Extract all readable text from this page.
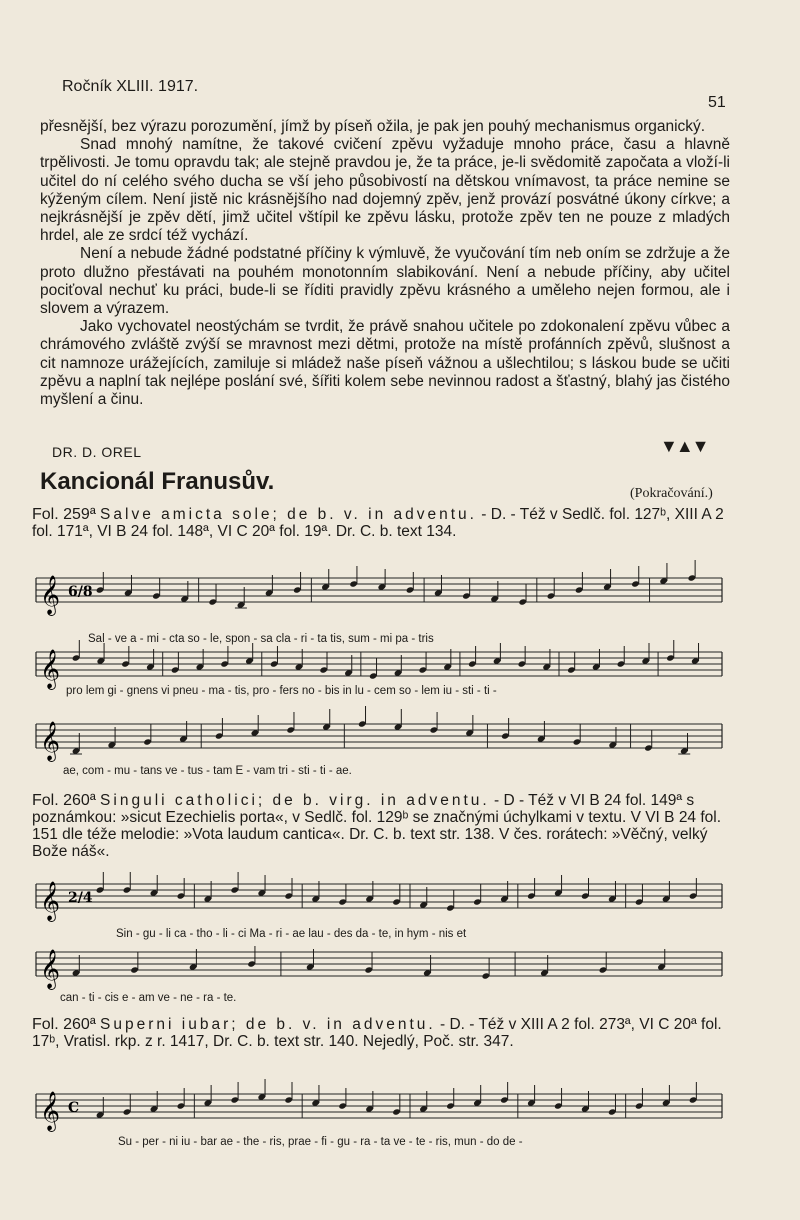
Ročník XLIII. 1917.
51

přesnější, bez výrazu porozumění, jímž by píseň ožila, je pak jen pouhý mechanismus organický.

Snad mnohý namítne, že takové cvičení zpěvu vyžaduje mnoho práce, času a hlavně trpělivosti. Je tomu opravdu tak; ale stejně pravdou je, že ta práce, je-li svědomitě započata a vloží-li učitel do ní celého svého ducha se vší jeho působivostí na dětskou vnímavost, ta práce nemine se kýženým cílem. Není jistě nic krásnějšího nad dojemný zpěv, jenž provází posvátné úkony církve; a nejkrásnější je zpěv dětí, jimž učitel vštípil ke zpěvu lásku, protože zpěv ten ne pouze z mladých hrdel, ale ze srdcí též vychází.

Není a nebude žádné podstatné příčiny k výmluvě, že vyučování tím neb oním se zdržuje a že proto dlužno přestávati na pouhém monotonním slabikování. Není a nebude příčiny, aby učitel pociťoval nechuť ku práci, bude-li se říditi pravidly zpěvu krásného a uměleho nejen formou, ale i slovem a výrazem.

Jako vychovatel neostýchám se tvrdit, že právě snahou učitele po zdokonalení zpěvu vůbec a chrámového zvláště zvýší se mravnost mezi dětmi, protože na místě profánních zpěvů, slušnost a cit namnoze urážejících, zamiluje si mládež naše píseň vážnou a ušlechtilou; s láskou bude se učiti zpěvu a naplní tak nejlépe poslání své, šířiti kolem sebe nevinnou radost a šťastný, blahý jas čistého myšlení a činu.

DR. D. OREL	▼▲▼
Kancionál Franusův.	(Pokračování.)
Fol. 259ª Salve amicta sole; de b. v. in adventu. - D. - Též v Sedlč. fol. 127ᵇ, XIII A 2 fol. 171ª, VI B 24 fol. 148ª, VI C 20ª fol. 19ª. Dr. C. b. text 134.
𝄞 6/8
Sal - ve a - mi - cta so - le, spon - sa cla - ri - ta tis, sum - mi pa - tris
𝄞
pro lem gi - gnens vi pneu - ma - tis, pro - fers no - bis in lu - cem so - lem iu - sti - ti -
𝄞
ae, com - mu - tans ve - tus - tam E - vam tri - sti - ti - ae.
Fol. 260ª Singuli catholici; de b. virg. in adventu. - D - Též v VI B 24 fol. 149ª s poznámkou: »sicut Ezechielis porta«, v Sedlč. fol. 129ᵇ se značnými úchylkami v textu. V VI B 24 fol. 151 dle téže melodie: »Vota laudum cantica«. Dr. C. b. text str. 138. V čes. rorátech: »Věčný, velký Bože náš«.
𝄞 2/4
Sin - gu - li ca - tho - li - ci Ma - ri - ae lau - des da - te, in hym - nis et
𝄞
can - ti - cis e - am ve - ne - ra - te.
Fol. 260ª Superni iubar; de b. v. in adventu. - D. - Též v XIII A 2 fol. 273ª, VI C 20ª fol. 17ᵇ, Vratisl. rkp. z r. 1417, Dr. C. b. text str. 140. Nejedlý, Poč. str. 347.
𝄞 C
Su - per - ni iu - bar ae - the - ris, prae - fi - gu - ra - ta ve - te - ris, mun - do de -
